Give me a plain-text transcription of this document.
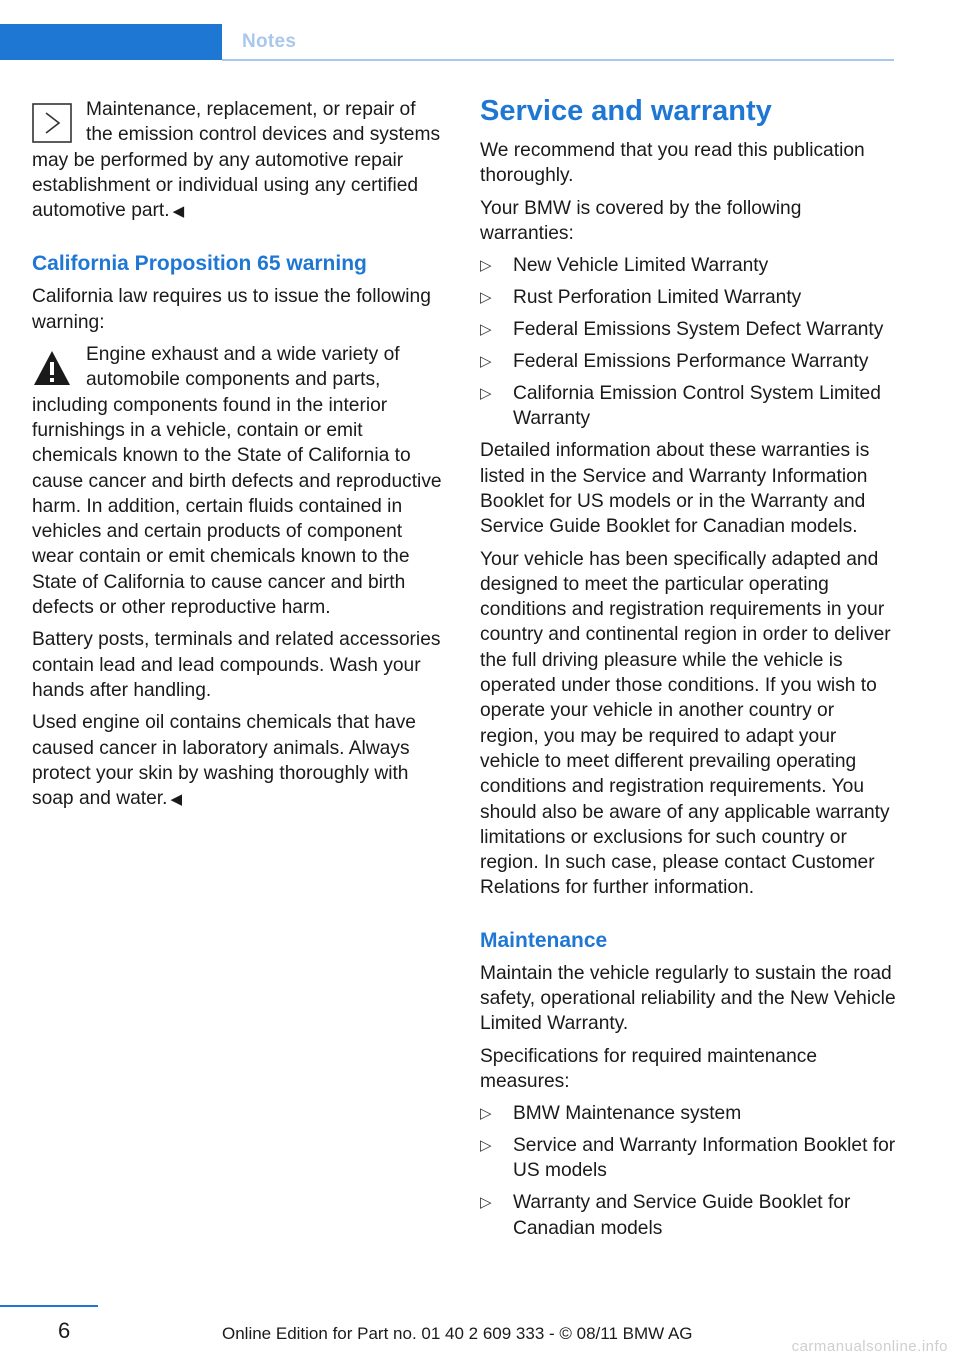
Notes

Maintenance, replacement, or repair of the emission control devices and systems may be performed by any automotive repair establishment or individual using any certified automotive part. ◀

California Proposition 65 warning

California law requires us to issue the following warning:

Engine exhaust and a wide variety of automobile components and parts, including components found in the interior furnishings in a vehicle, contain or emit chemicals known to the State of California to cause cancer and birth defects and reproductive harm. In addition, certain fluids contained in vehicles and certain products of component wear contain or emit chemicals known to the State of California to cause cancer and birth defects or other reproductive harm.

Battery posts, terminals and related accessories contain lead and lead compounds. Wash your hands after handling.

Used engine oil contains chemicals that have caused cancer in laboratory animals. Always protect your skin by washing thoroughly with soap and water. ◀

Service and warranty

We recommend that you read this publication thoroughly.

Your BMW is covered by the following warranties:

▷ New Vehicle Limited Warranty
▷ Rust Perforation Limited Warranty
▷ Federal Emissions System Defect Warranty
▷ Federal Emissions Performance Warranty
▷ California Emission Control System Limited Warranty

Detailed information about these warranties is listed in the Service and Warranty Information Booklet for US models or in the Warranty and Service Guide Booklet for Canadian models.

Your vehicle has been specifically adapted and designed to meet the particular operating conditions and registration requirements in your country and continental region in order to deliver the full driving pleasure while the vehicle is operated under those conditions. If you wish to operate your vehicle in another country or region, you may be required to adapt your vehicle to meet different prevailing operating conditions and registration requirements. You should also be aware of any applicable warranty limitations or exclusions for such country or region. In such case, please contact Customer Relations for further information.

Maintenance

Maintain the vehicle regularly to sustain the road safety, operational reliability and the New Vehicle Limited Warranty.

Specifications for required maintenance measures:

▷ BMW Maintenance system
▷ Service and Warranty Information Booklet for US models
▷ Warranty and Service Guide Booklet for Canadian models
6	Online Edition for Part no. 01 40 2 609 333 - © 08/11 BMW AG
carmanualsonline.info
